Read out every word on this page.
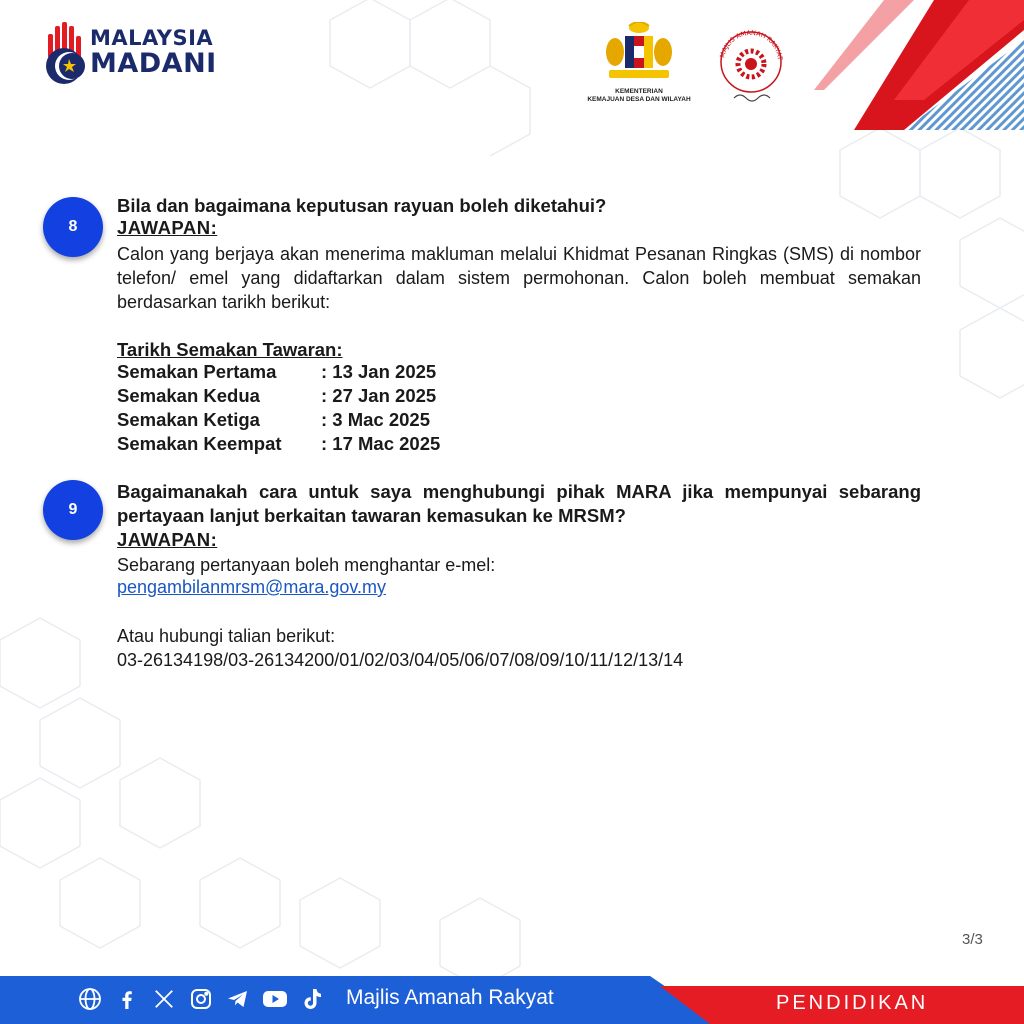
MALAYSIA
MADANI
KEMENTERIAN
KEMAJUAN DESA DAN WILAYAH
MAJLIS AMANAH RAKYAT
8
Bila dan bagaimana keputusan rayuan boleh diketahui?
JAWAPAN:
Calon yang berjaya akan menerima makluman melalui Khidmat Pesanan Ringkas (SMS) di nombor telefon/ emel yang didaftarkan dalam sistem permohonan. Calon boleh membuat semakan berdasarkan tarikh berikut:
Tarikh Semakan Tawaran:
Semakan Pertama : 13 Jan 2025
Semakan Kedua	: 27 Jan 2025
Semakan Ketiga	: 3 Mac 2025
Semakan Keempat : 17 Mac 2025
9
Bagaimanakah cara untuk saya menghubungi pihak MARA jika mempunyai sebarang pertayaan lanjut berkaitan tawaran kemasukan ke MRSM?
JAWAPAN:
Sebarang pertanyaan boleh menghantar e-mel:
pengambilanmrsm@mara.gov.my
Atau hubungi talian berikut:
03-26134198/03-26134200/01/02/03/04/05/06/07/08/09/10/11/12/13/14
3/3
Majlis Amanah Rakyat	PENDIDIKAN
